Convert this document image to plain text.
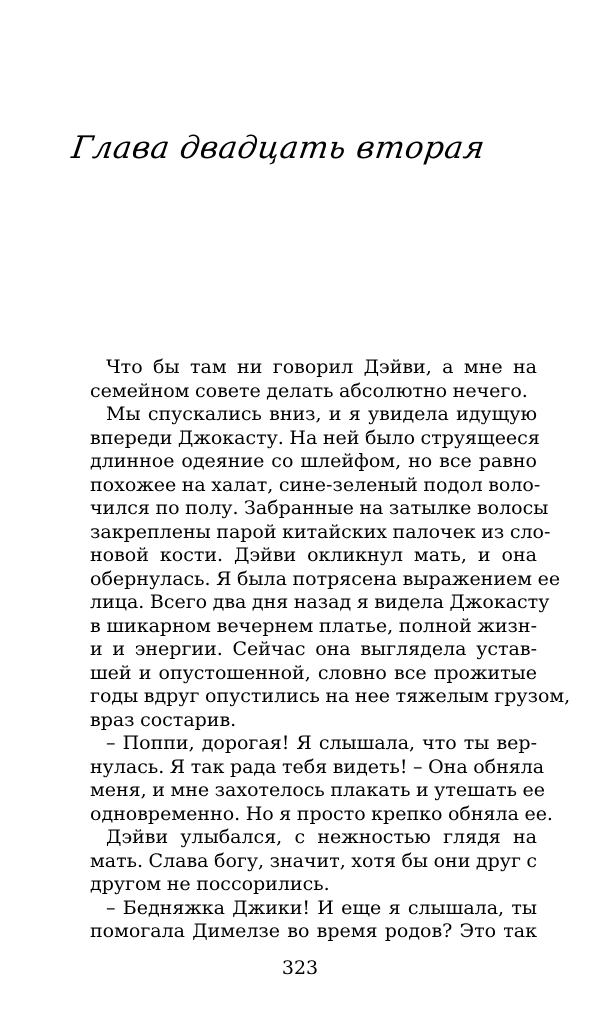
Глава двадцать вторая
Что бы там ни говорил Дэйви, а мне на
семейном совете делать абсолютно нечего.
Мы спускались вниз, и я увидела идущую
впереди Джокасту. На ней было струящееся
длинное одеяние со шлейфом, но все равно
похожее на халат, сине-зеленый подол воло-
чился по полу. Забранные на затылке волосы
закреплены парой китайских палочек из сло-
новой кости. Дэйви окликнул мать, и она
обернулась. Я была потрясена выражением ее
лица. Всего два дня назад я видела Джокасту
в шикарном вечернем платье, полной жизн-
и и энергии. Сейчас она выглядела устав-
шей и опустошенной, словно все прожитые
годы вдруг опустились на нее тяжелым грузом,
враз состарив.
– Поппи, дорогая! Я слышала, что ты вер-
нулась. Я так рада тебя видеть! – Она обняла
меня, и мне захотелось плакать и утешать ее
одновременно. Но я просто крепко обняла ее.
Дэйви улыбался, с нежностью глядя на
мать. Слава богу, значит, хотя бы они друг с
другом не поссорились.
– Бедняжка Джики! И еще я слышала, ты
помогала Димелзе во время родов? Это так
323
